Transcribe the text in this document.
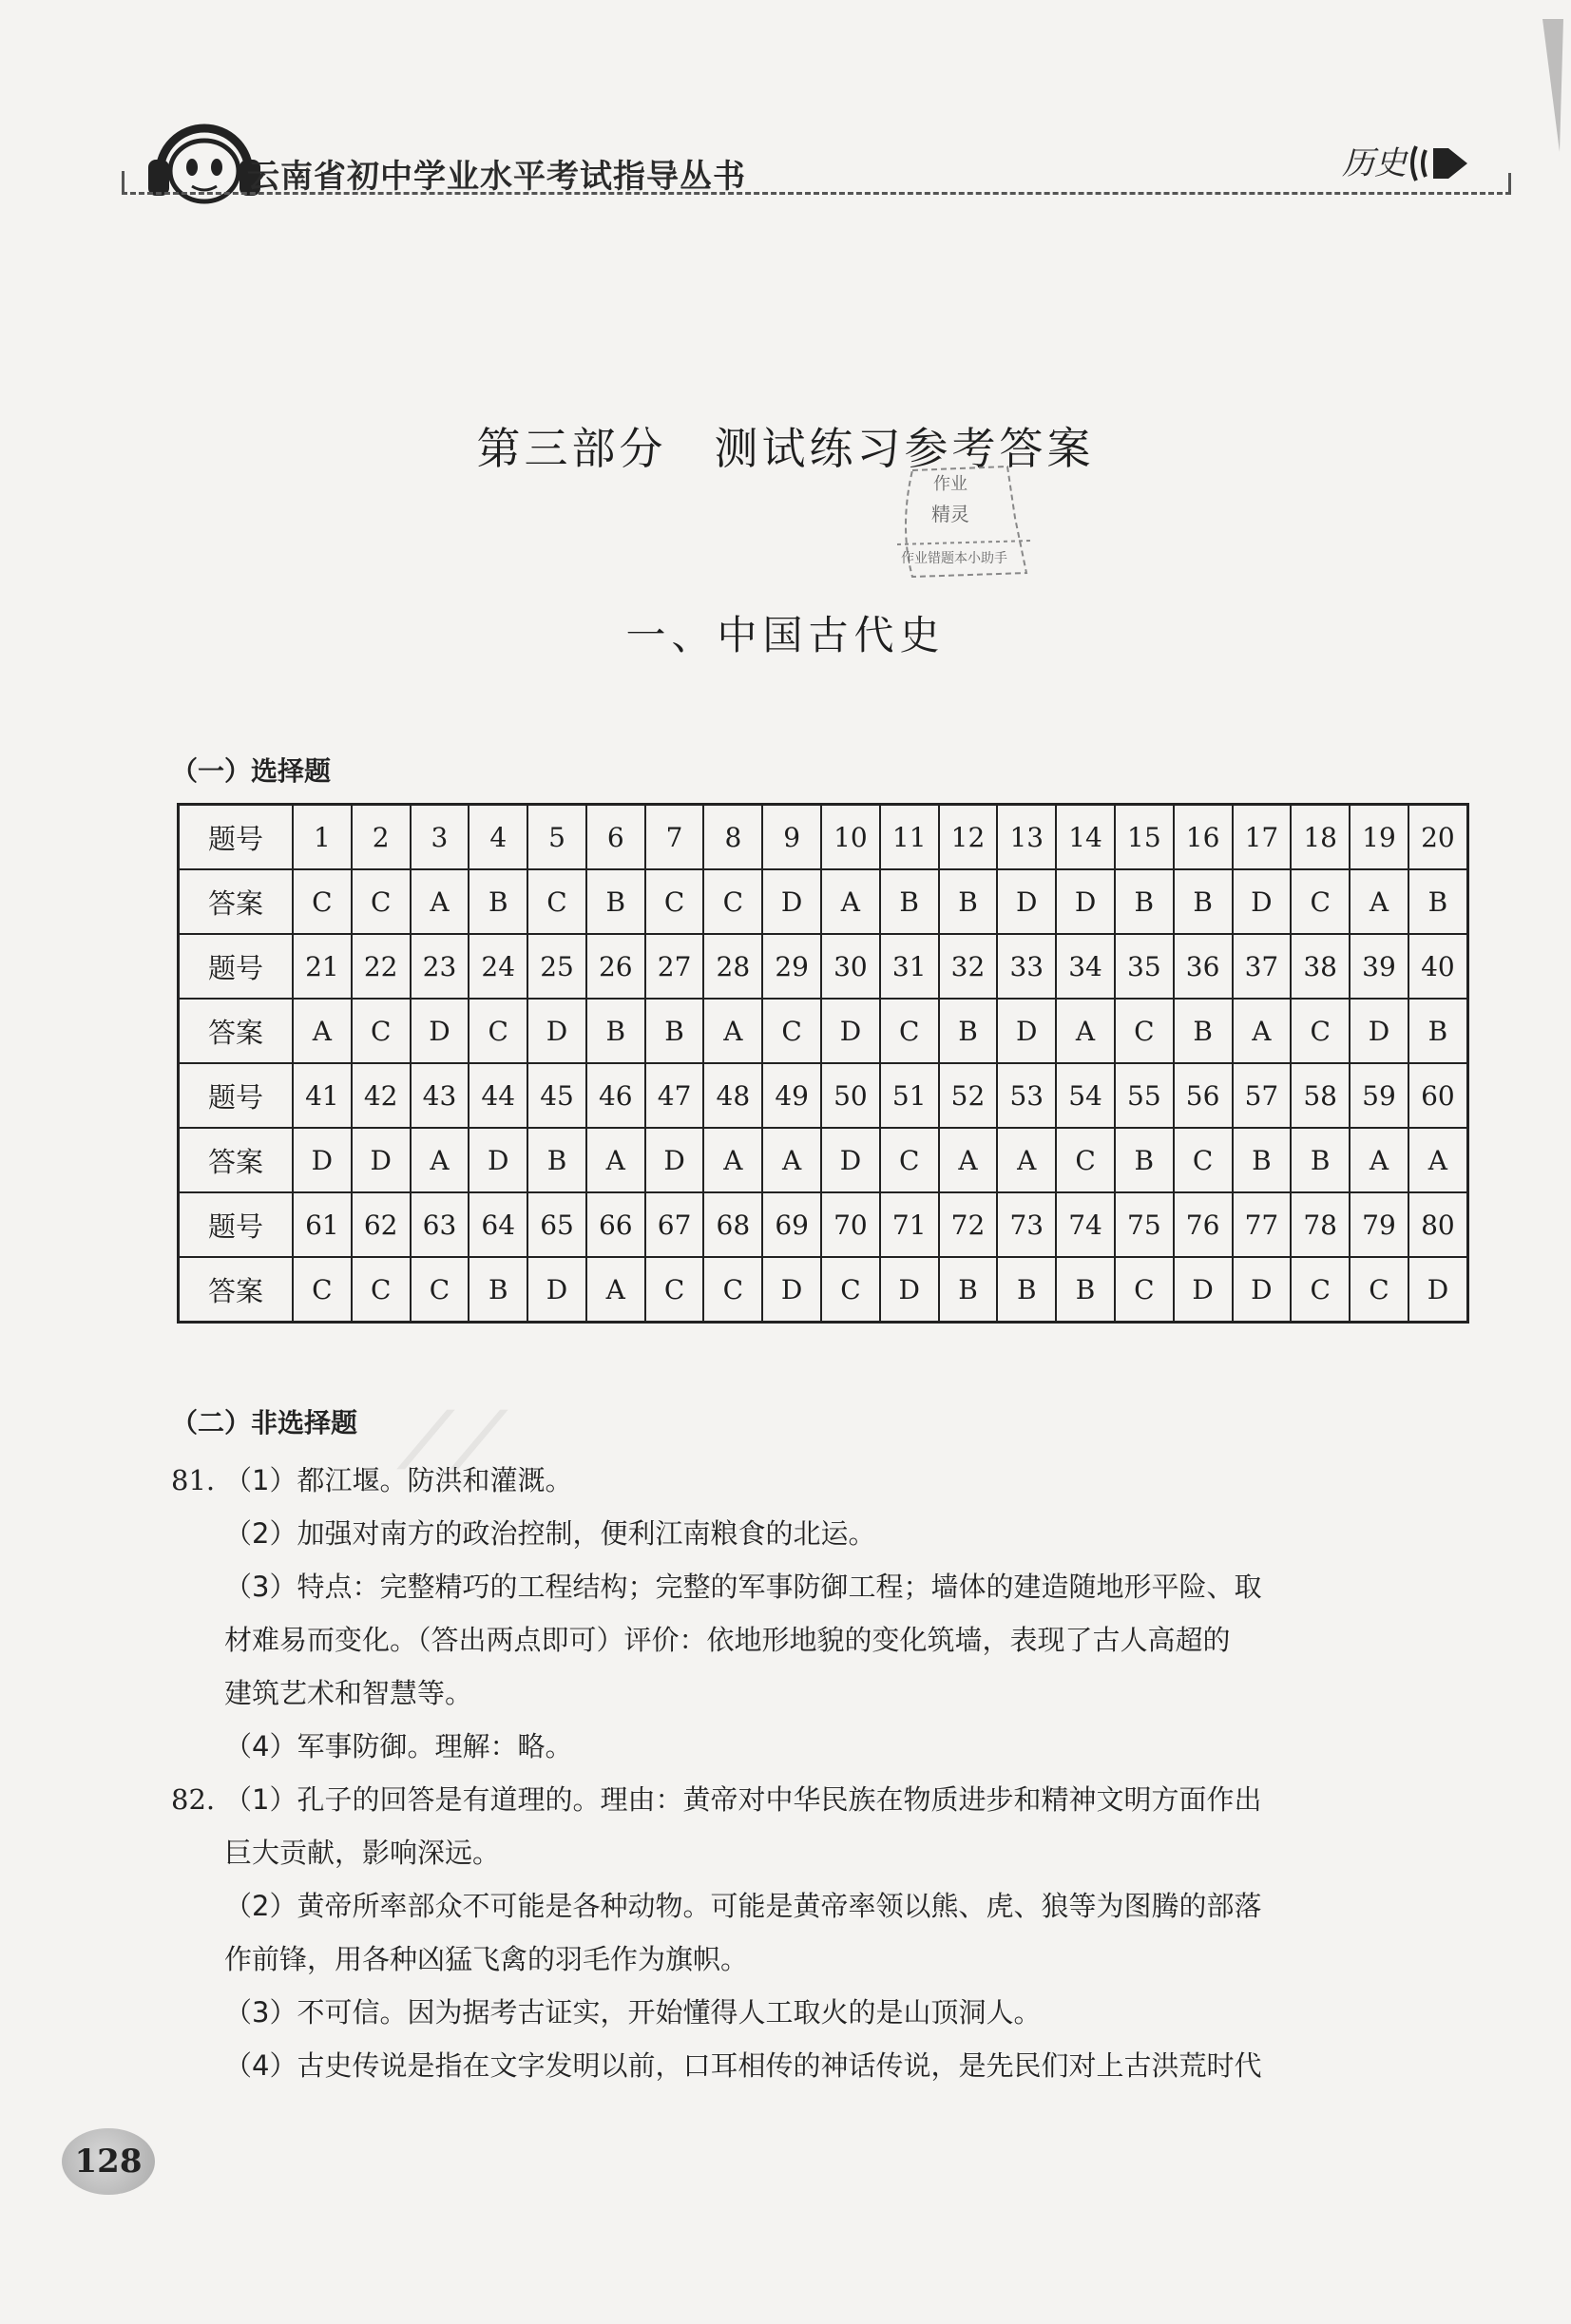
云南省初中学业水平考试指导丛书	历史
第三部分 测试练习参考答案
作业
精灵
作业错题本小助手
一、中国古代史
（一）选择题
题号	1	2	3	4	5	6	7	8	9	10	11	12	13	14	15	16	17	18	19	20
答案	C	C	A	B	C	B	C	C	D	A	B	B	D	D	B	B	D	C	A	B
题号	21	22	23	24	25	26	27	28	29	30	31	32	33	34	35	36	37	38	39	40
答案	A	C	D	C	D	B	B	A	C	D	C	B	D	A	C	B	A	C	D	B
题号	41	42	43	44	45	46	47	48	49	50	51	52	53	54	55	56	57	58	59	60
答案	D	D	A	D	B	A	D	A	A	D	C	A	A	C	B	C	B	B	A	A
题号	61	62	63	64	65	66	67	68	69	70	71	72	73	74	75	76	77	78	79	80
答案	C	C	C	B	D	A	C	C	D	C	D	B	B	B	C	D	D	C	C	D
（二）非选择题
81. （1）都江堰。防洪和灌溉。
（2）加强对南方的政治控制，便利江南粮食的北运。
（3）特点：完整精巧的工程结构；完整的军事防御工程；墙体的建造随地形平险、取
材难易而变化。（答出两点即可）评价：依地形地貌的变化筑墙，表现了古人高超的
建筑艺术和智慧等。
（4）军事防御。理解：略。
82. （1）孔子的回答是有道理的。理由：黄帝对中华民族在物质进步和精神文明方面作出
巨大贡献，影响深远。
（2）黄帝所率部众不可能是各种动物。可能是黄帝率领以熊、虎、狼等为图腾的部落
作前锋，用各种凶猛飞禽的羽毛作为旗帜。
（3）不可信。因为据考古证实，开始懂得人工取火的是山顶洞人。
（4）古史传说是指在文字发明以前，口耳相传的神话传说，是先民们对上古洪荒时代
⟋⟋
128
